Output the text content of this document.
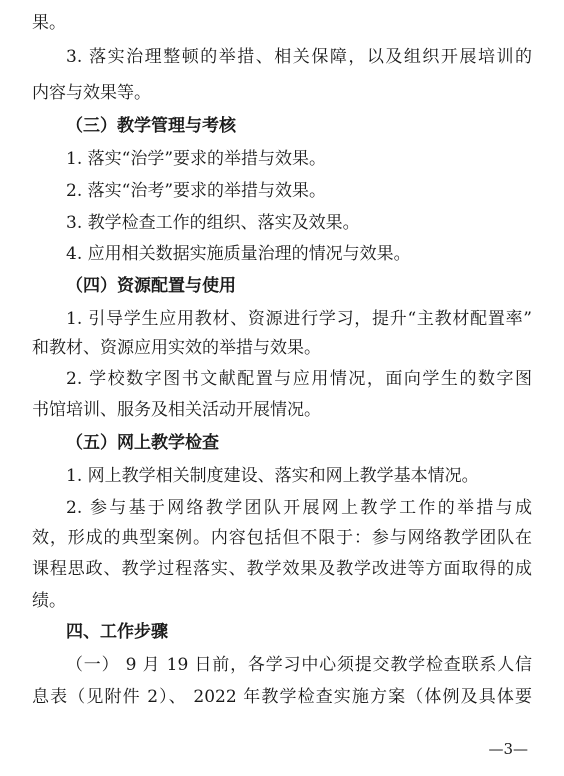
果。
3. 落实治理整顿的举措、相关保障，以及组织开展培训的
内容与效果等。
（三）教学管理与考核
1. 落实“治学”要求的举措与效果。
2. 落实“治考”要求的举措与效果。
3. 教学检查工作的组织、落实及效果。
4. 应用相关数据实施质量治理的情况与效果。
（四）资源配置与使用
1. 引导学生应用教材、资源进行学习，提升“主教材配置率”
和教材、资源应用实效的举措与效果。
2. 学校数字图书文献配置与应用情况，面向学生的数字图
书馆培训、服务及相关活动开展情况。
（五）网上教学检查
1. 网上教学相关制度建设、落实和网上教学基本情况。
2. 参与基于网络教学团队开展网上教学工作的举措与成
效，形成的典型案例。内容包括但不限于：参与网络教学团队在
课程思政、教学过程落实、教学效果及教学改进等方面取得的成
绩。
四、工作步骤
（一） 9 月 19 日前，各学习中心须提交教学检查联系人信
息表（见附件 2）、 2022 年教学检查实施方案（体例及具体要
—3—
